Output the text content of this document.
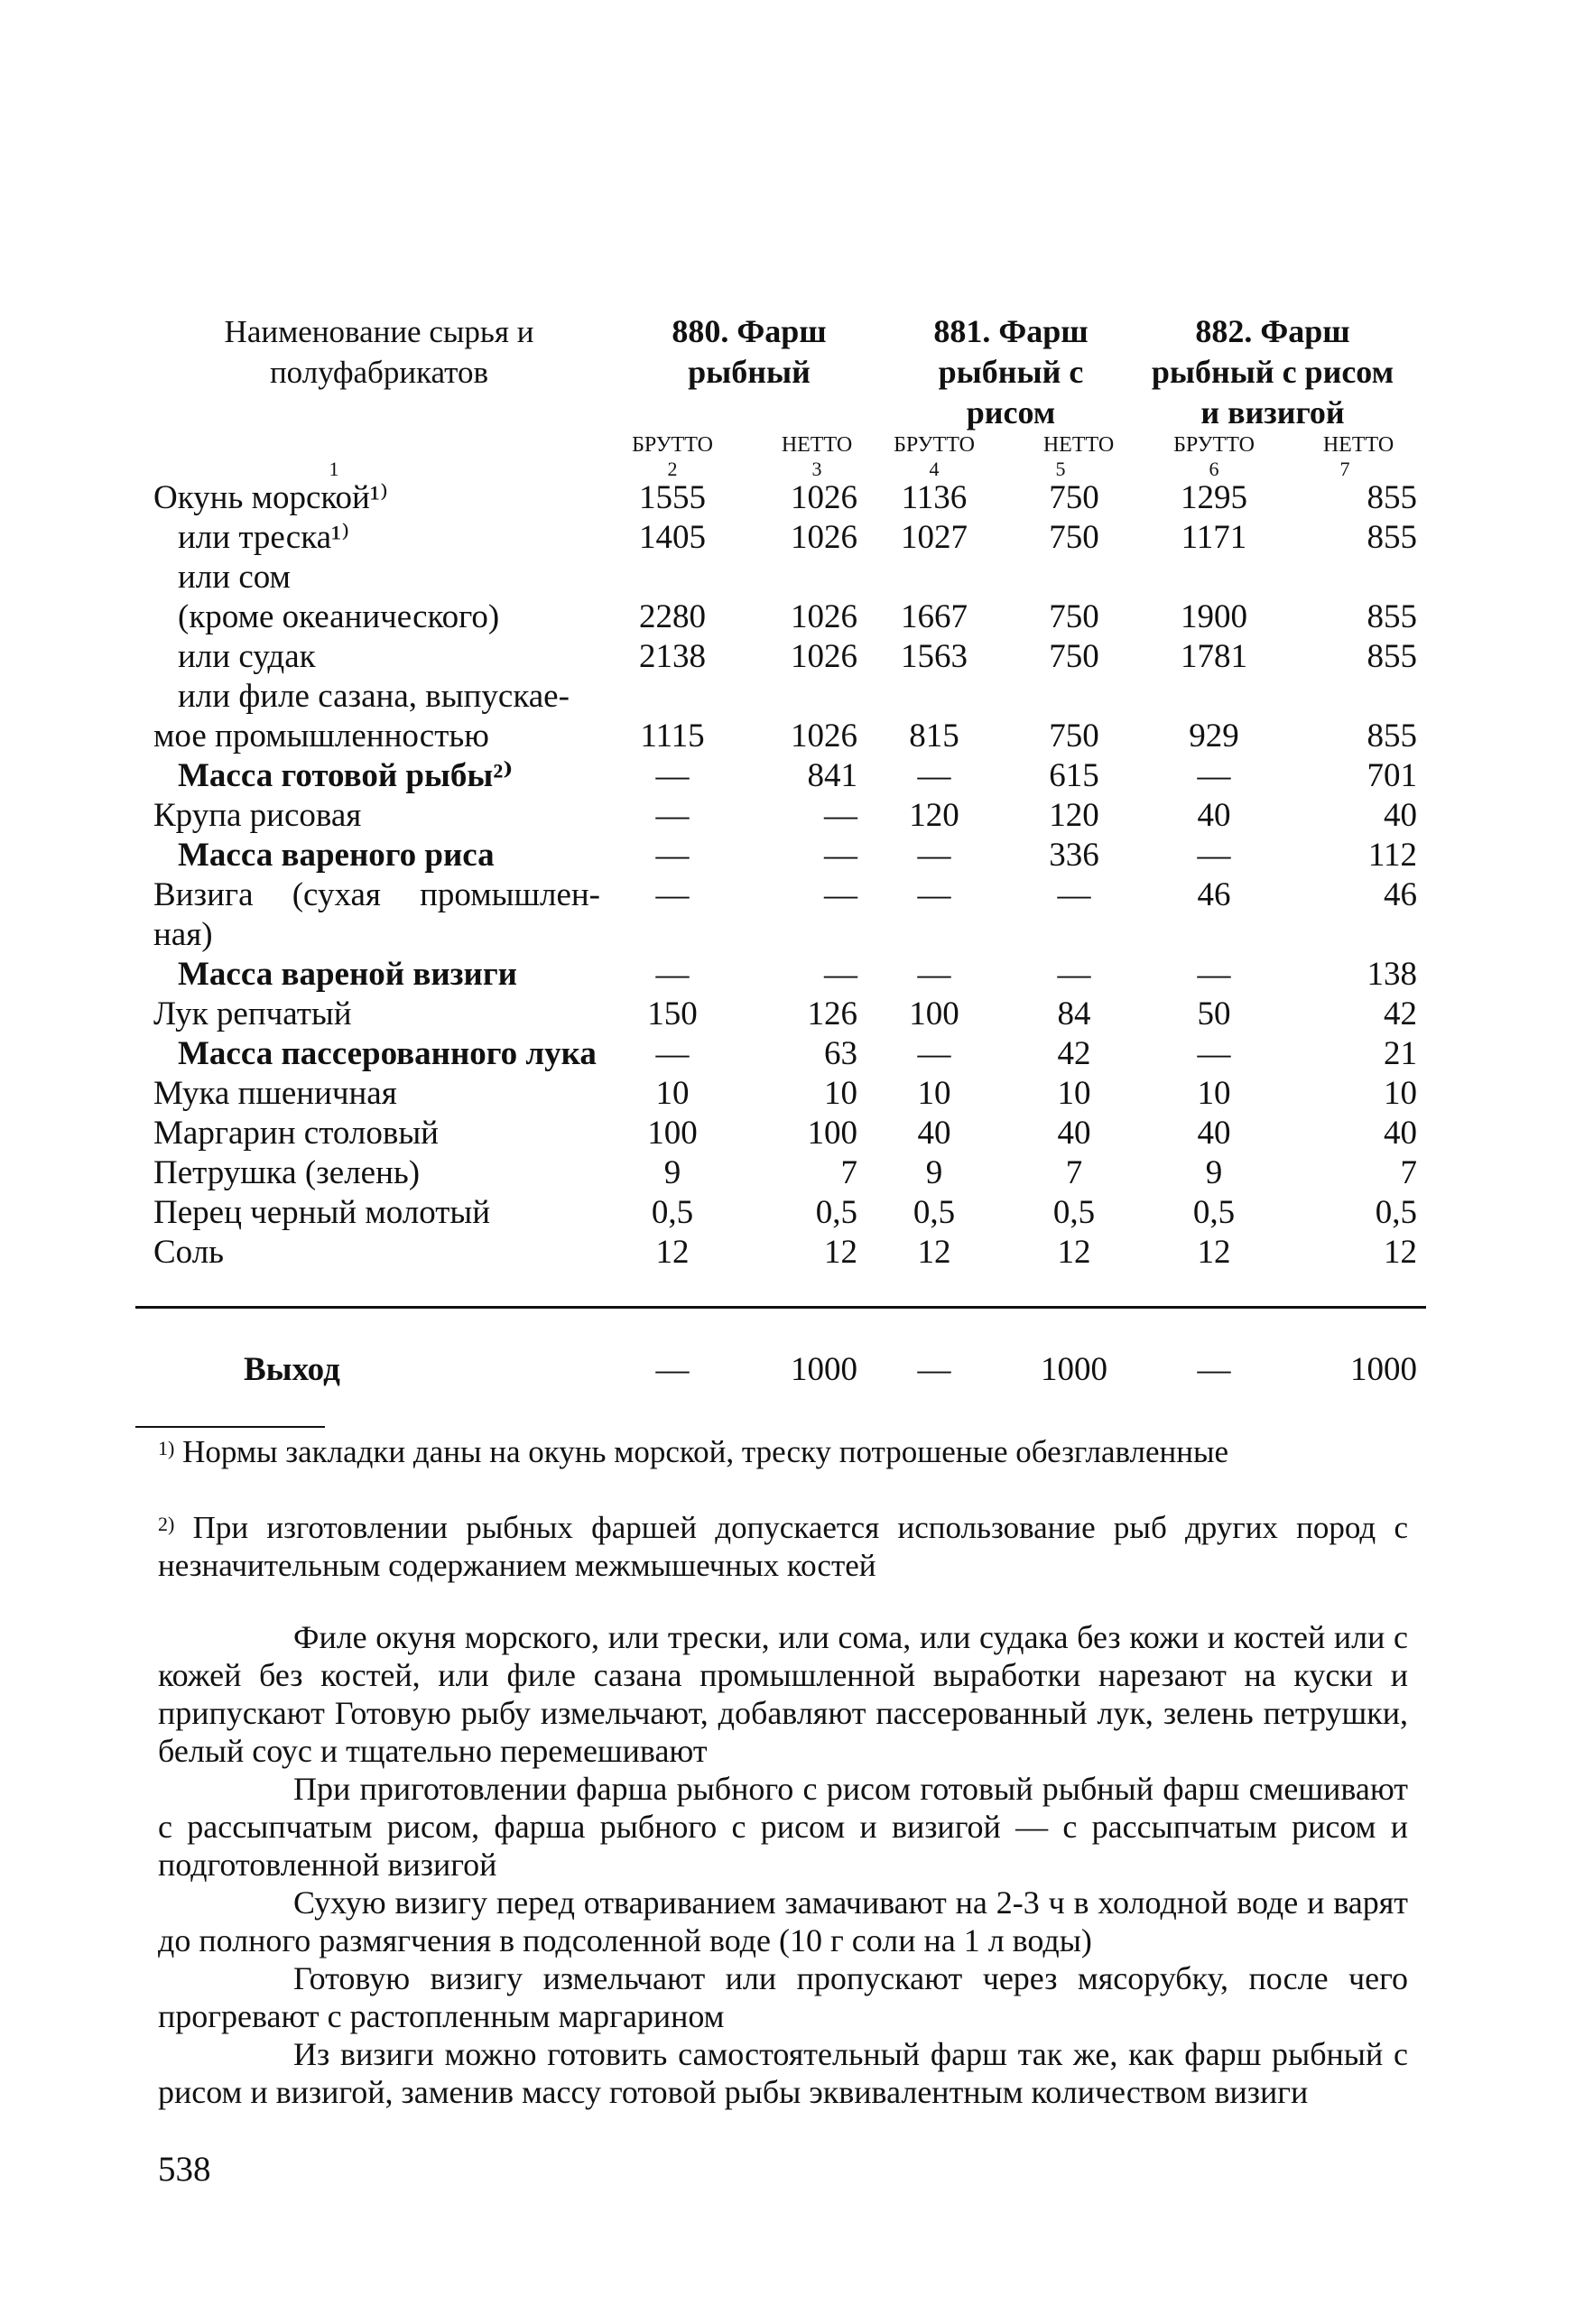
Наименование сырья и полуфабрикатов
1
880. Фарш рыбный
БРУТТО	НЕТТО
2	3
881. Фарш рыбный с рисом
БРУТТО	НЕТТО
4	5
882. Фарш рыбный с рисом и визигой
БРУТТО	НЕТТО
6	7
Окунь морской¹⁾	1555	1026	1136	750	1295	855
или треска¹⁾	1405	1026	1027	750	1171	855
или сом
(кроме океанического)	2280	1026	1667	750	1900	855
или судак	2138	1026	1563	750	1781	855
или филе сазана, выпускае-
мое промышленностью	1115	1026	815	750	929	855
Масса готовой рыбы²⁾	—	841	—	615	—	701
Крупа рисовая	—	—	120	120	40	40
Масса вареного риса	—	—	—	336	—	112
Визига (сухая промышлен-	—	—	—	—	46	46
ная)
Масса вареной визиги	—	—	—	—	—	138
Лук репчатый	150	126	100	84	50	42
Масса пассерованного лука	—	63	—	42	—	21
Мука пшеничная	10	10	10	10	10	10
Маргарин столовый	100	100	40	40	40	40
Петрушка (зелень)	9	7	9	7	9	7
Перец черный молотый	0,5	0,5	0,5	0,5	0,5	0,5
Соль	12	12	12	12	12	12
Выход	—	1000	—	1000	—	1000
$^{1)}$ Нормы закладки даны на окунь морской, треску потрошеные обезглавленные
$^{2)}$ При изготовлении рыбных фаршей допускается использование рыб других пород с незначительным содержанием межмышечных костей

Филе окуня морского, или трески, или сома, или судака без кожи и костей или с кожей без костей, или филе сазана промышленной выработки нарезают на куски и припускают Готовую рыбу измельчают, добавляют пассерованный лук, зелень петрушки, белый соус и тщательно перемешивают

При приготовлении фарша рыбного с рисом готовый рыбный фарш смешивают с рассыпчатым рисом, фарша рыбного с рисом и визигой — с рассыпчатым рисом и подготовленной визигой

Сухую визигу перед отвариванием замачивают на 2-3 ч в холодной воде и варят до полного размягчения в подсоленной воде (10 г соли на 1 л воды)

Готовую визигу измельчают или пропускают через мясорубку, после чего прогревают с растопленным маргарином

Из визиги можно готовить самостоятельный фарш так же, как фарш рыбный с рисом и визигой, заменив массу готовой рыбы эквивалентным количеством визиги

538
